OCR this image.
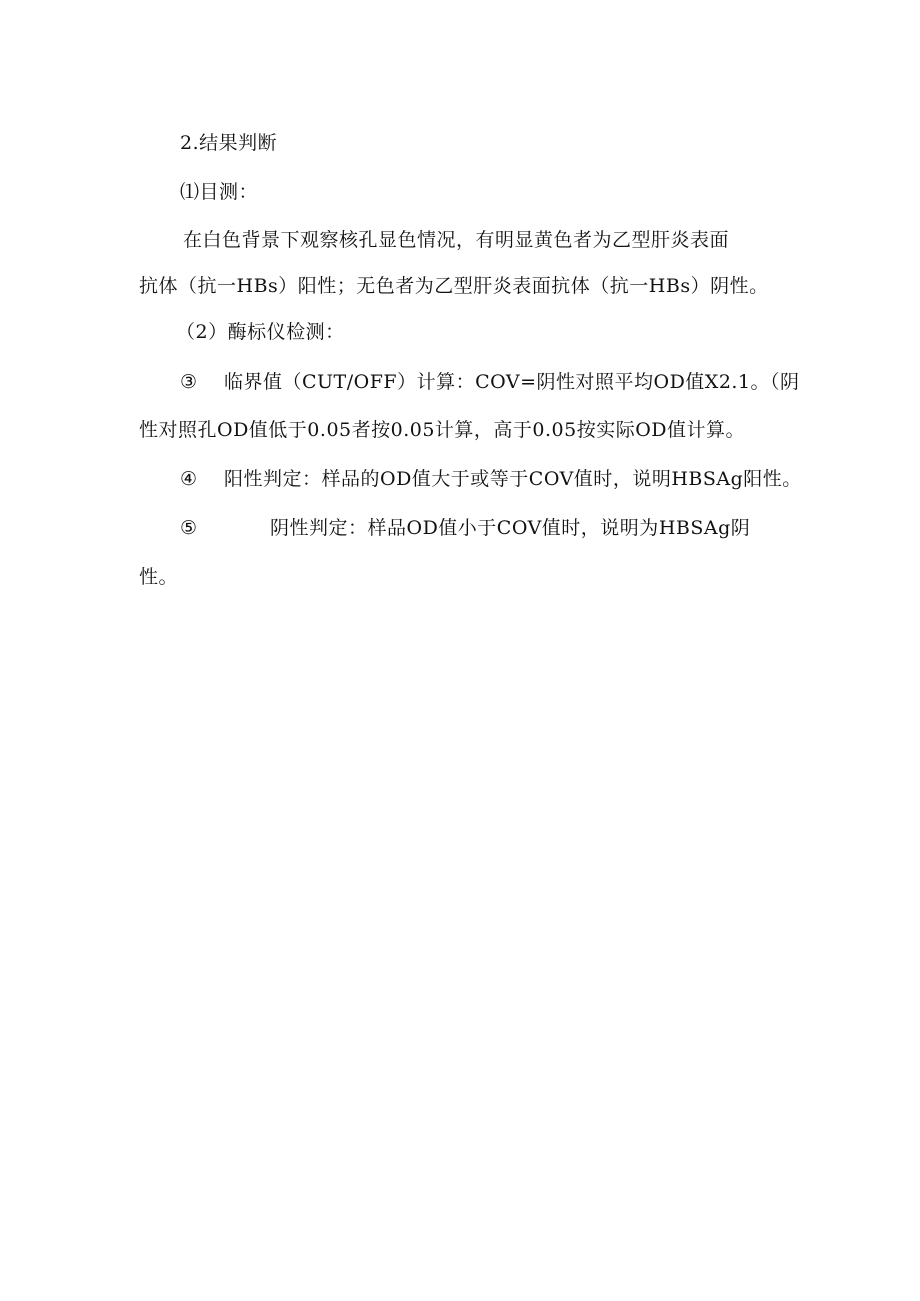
2.结果判断
⑴目测：
在白色背景下观察核孔显色情况，有明显黄色者为乙型肝炎表面
抗体（抗一HBs）阳性；无色者为乙型肝炎表面抗体（抗一HBs）阴性。
（2）酶标仪检测：
③ 临界值（CUT/OFF）计算：COV=阴性对照平均OD值X2.1。（阴
性对照孔OD值低于0.05者按0.05计算，高于0.05按实际OD值计算。
④ 阳性判定：样品的OD值大于或等于COV值时，说明HBSAg阳性。
⑤	阴性判定：样品OD值小于COV值时，说明为HBSAg阴
性。
